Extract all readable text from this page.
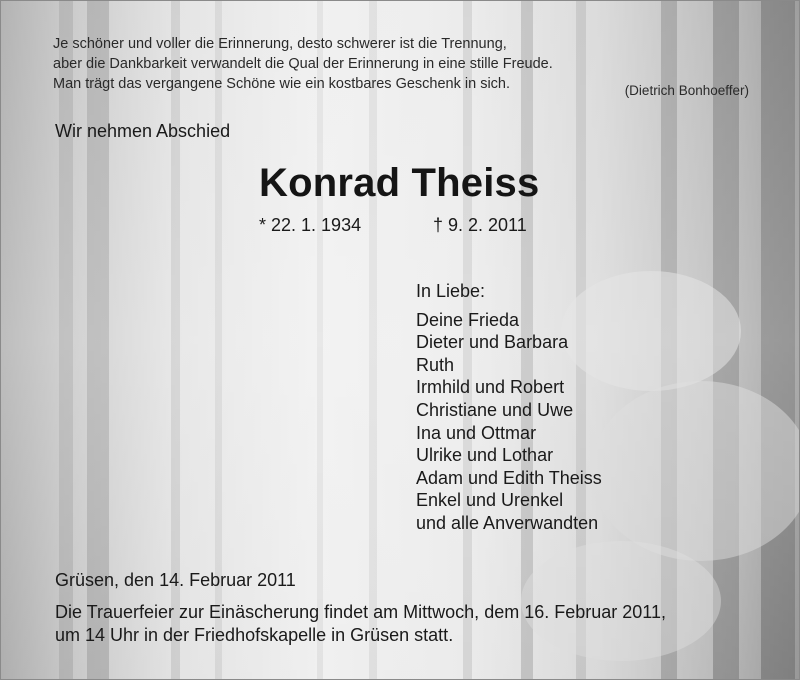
Je schöner und voller die Erinnerung, desto schwerer ist die Trennung,
aber die Dankbarkeit verwandelt die Qual der Erinnerung in eine stille Freude.
Man trägt das vergangene Schöne wie ein kostbares Geschenk in sich.	(Dietrich Bonhoeffer)
Wir nehmen Abschied
Konrad Theiss
* 22. 1. 1934	† 9. 2. 2011
In Liebe:
Deine Frieda
Dieter und Barbara
Ruth
Irmhild und Robert
Christiane und Uwe
Ina und Ottmar
Ulrike und Lothar
Adam und Edith Theiss
Enkel und Urenkel
und alle Anverwandten
Grüsen, den 14. Februar 2011
Die Trauerfeier zur Einäscherung findet am Mittwoch, dem 16. Februar 2011,
um 14 Uhr in der Friedhofskapelle in Grüsen statt.
